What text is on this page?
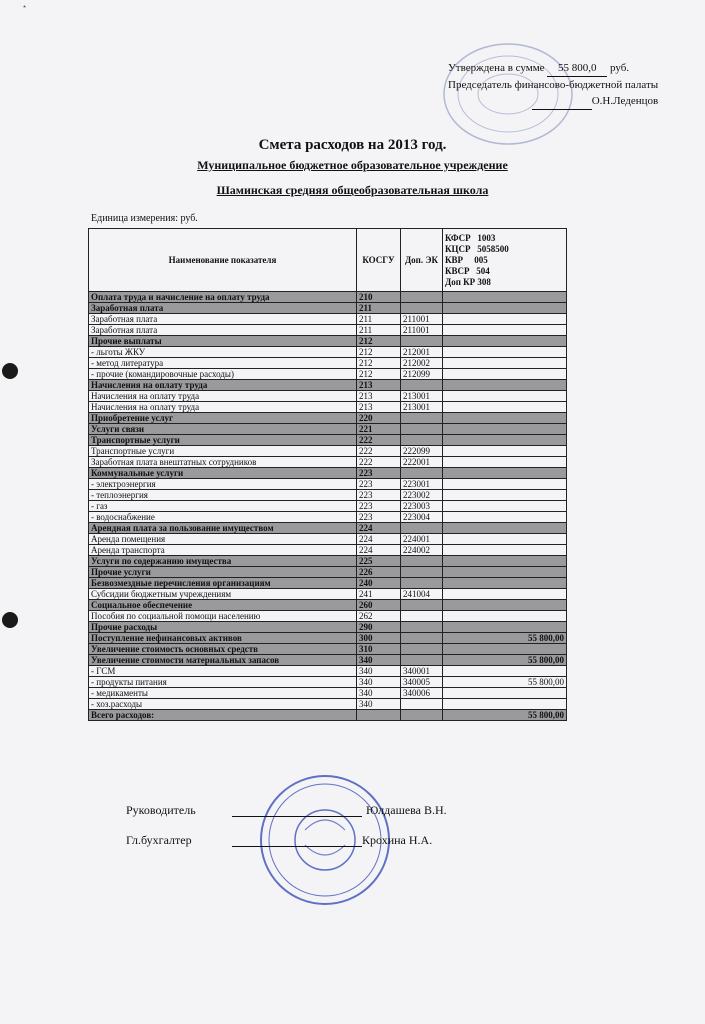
⋆
Утверждена в сумме
	55 800,0
	руб.
Председатель финансово-бюджетной палаты

О.Н.Леденцов
Смета расходов на 2013 год.
Муниципальное бюджетное образовательное учреждение
Шаминская средняя общеобразовательная школа
Единица измерения: руб.
Наименование показателя	КОСГУ	Доп. ЭК	КФСР   1003
КЦСР   5058500
КВР     005
КВСР   504
Доп КР 308
Оплата труда и начисление на оплату труда	210		
Заработная плата	211		
Заработная плата	211	211001	
Заработная плата	211	211001	
Прочие выплаты	212		
- льготы ЖКУ	212	212001	
- метод литература	212	212002	
- прочие (командировочные расходы)	212	212099	
Начисления на оплату труда	213		
Начисления на оплату труда	213	213001	
Начисления на оплату труда	213	213001	
Приобретение услуг	220		
Услуги связи	221		
Транспортные услуги	222		
Транспортные услуги	222	222099	
Заработная плата внештатных сотрудников	222	222001	
Коммунальные услуги	223		
- электроэнергия	223	223001	
- теплоэнергия	223	223002	
- газ	223	223003	
- водоснабжение	223	223004	
Арендная плата за пользование имуществом	224		
Аренда помещения	224	224001	
Аренда транспорта	224	224002	
Услуги по содержанию имущества	225		
Прочие услуги	226		
Безвозмездные перечисления организациям	240		
Субсидии бюджетным учреждениям	241	241004	
Социальное обеспечение	260		
Пособия по социальной помощи населению	262		
Прочие расходы	290		
Поступление нефинансовых активов	300		55 800,00
Увеличение стоимость основных средств	310		
Увеличение стоимости материальных запасов	340		55 800,00
- ГСМ	340	340001	
- продукты питания	340	340005	55 800,00
- медикаменты	340	340006	
- хоз.расходы	340		
Всего расходов:			55 800,00
Руководитель	Юлдашева В.Н.
Гл.бухгалтер	Крохина Н.А.
